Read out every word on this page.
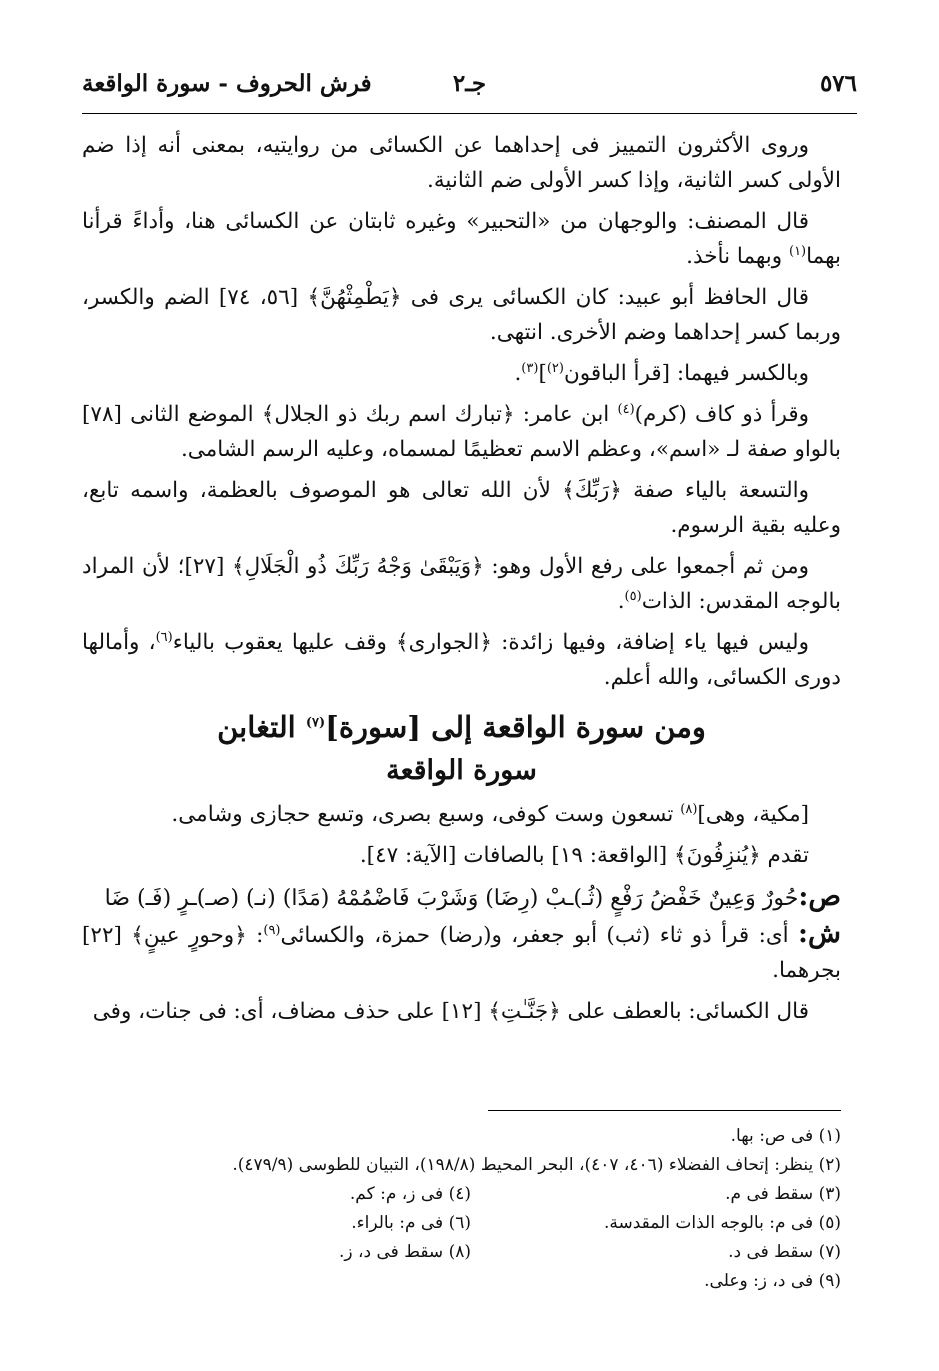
٥٧٦
جـ٢
فرش الحروف - سورة الواقعة

وروى الأكثرون التمييز فى إحداهما عن الكسائى من روايتيه، بمعنى أنه إذا ضم الأولى كسر الثانية، وإذا كسر الأولى ضم الثانية.

قال المصنف: والوجهان من «التحبير» وغيره ثابتان عن الكسائى هنا، وأداءً قرأنا بهما$^{(١)}$ وبهما نأخذ.

قال الحافظ أبو عبيد: كان الكسائى يرى فى ﴿يَطْمِثْهُنَّ﴾ [٥٦، ٧٤] الضم والكسر، وربما كسر إحداهما وضم الأخرى. انتهى.

وبالكسر فيهما: [قرأ الباقون$^{(٢)}$]$^{(٣)}$.

وقرأ ذو كاف (كرم)$^{(٤)}$ ابن عامر: ﴿تبارك اسم ربك ذو الجلال﴾ الموضع الثانى [٧٨] بالواو صفة لـ «اسم»، وعظم الاسم تعظيمًا لمسماه، وعليه الرسم الشامى.

والتسعة بالياء صفة ﴿رَبِّكَ﴾ لأن الله تعالى هو الموصوف بالعظمة، واسمه تابع، وعليه بقية الرسوم.

ومن ثم أجمعوا على رفع الأول وهو: ﴿وَيَبْقَىٰ وَجْهُ رَبِّكَ ذُو الْجَلَالِ﴾ [٢٧]؛ لأن المراد بالوجه المقدس: الذات$^{(٥)}$.

وليس فيها ياء إضافة، وفيها زائدة: ﴿الجوارى﴾ وقف عليها يعقوب بالياء$^{(٦)}$، وأمالها دورى الكسائى، والله أعلم.

ومن سورة الواقعة إلى [سورة]$^{(٧)}$ التغابن
سورة الواقعة

[مكية، وهى]$^{(٨)}$ تسعون وست كوفى، وسبع بصرى، وتسع حجازى وشامى.

تقدم ﴿يُنزِفُونَ﴾ [الواقعة: ١٩] بالصافات [الآية: ٤٧].

ص:حُورٌ وَعِينٌ خَفْضُ رَفْعٍ (ثُـ)ـبْ (رِضَا)وَشَرْبَ فَاضْمُمْهُ (مَدًا) (نـ) (صـ)ـرٍ (فَـ) ضَا

ش: أى: قرأ ذو ثاء (ثب) أبو جعفر، و(رضا) حمزة، والكسائى$^{(٩)}$: ﴿وحورٍ عينٍ﴾ [٢٢] بجرهما.

قال الكسائى: بالعطف على ﴿جَنَّـٰتِ﴾ [١٢] على حذف مضاف، أى: فى جنات، وفى

(١) فى ص: بها.
(٢) ينظر: إتحاف الفضلاء (٤٠٦، ٤٠٧)، البحر المحيط (١٩٨/٨)، التبيان للطوسى (٤٧٩/٩).
(٣) سقط فى م.
(٤) فى ز، م: كم.
(٥) فى م: بالوجه الذات المقدسة.
(٦) فى م: بالراء.
(٧) سقط فى د.
(٨) سقط فى د، ز.
(٩) فى د، ز: وعلى.
